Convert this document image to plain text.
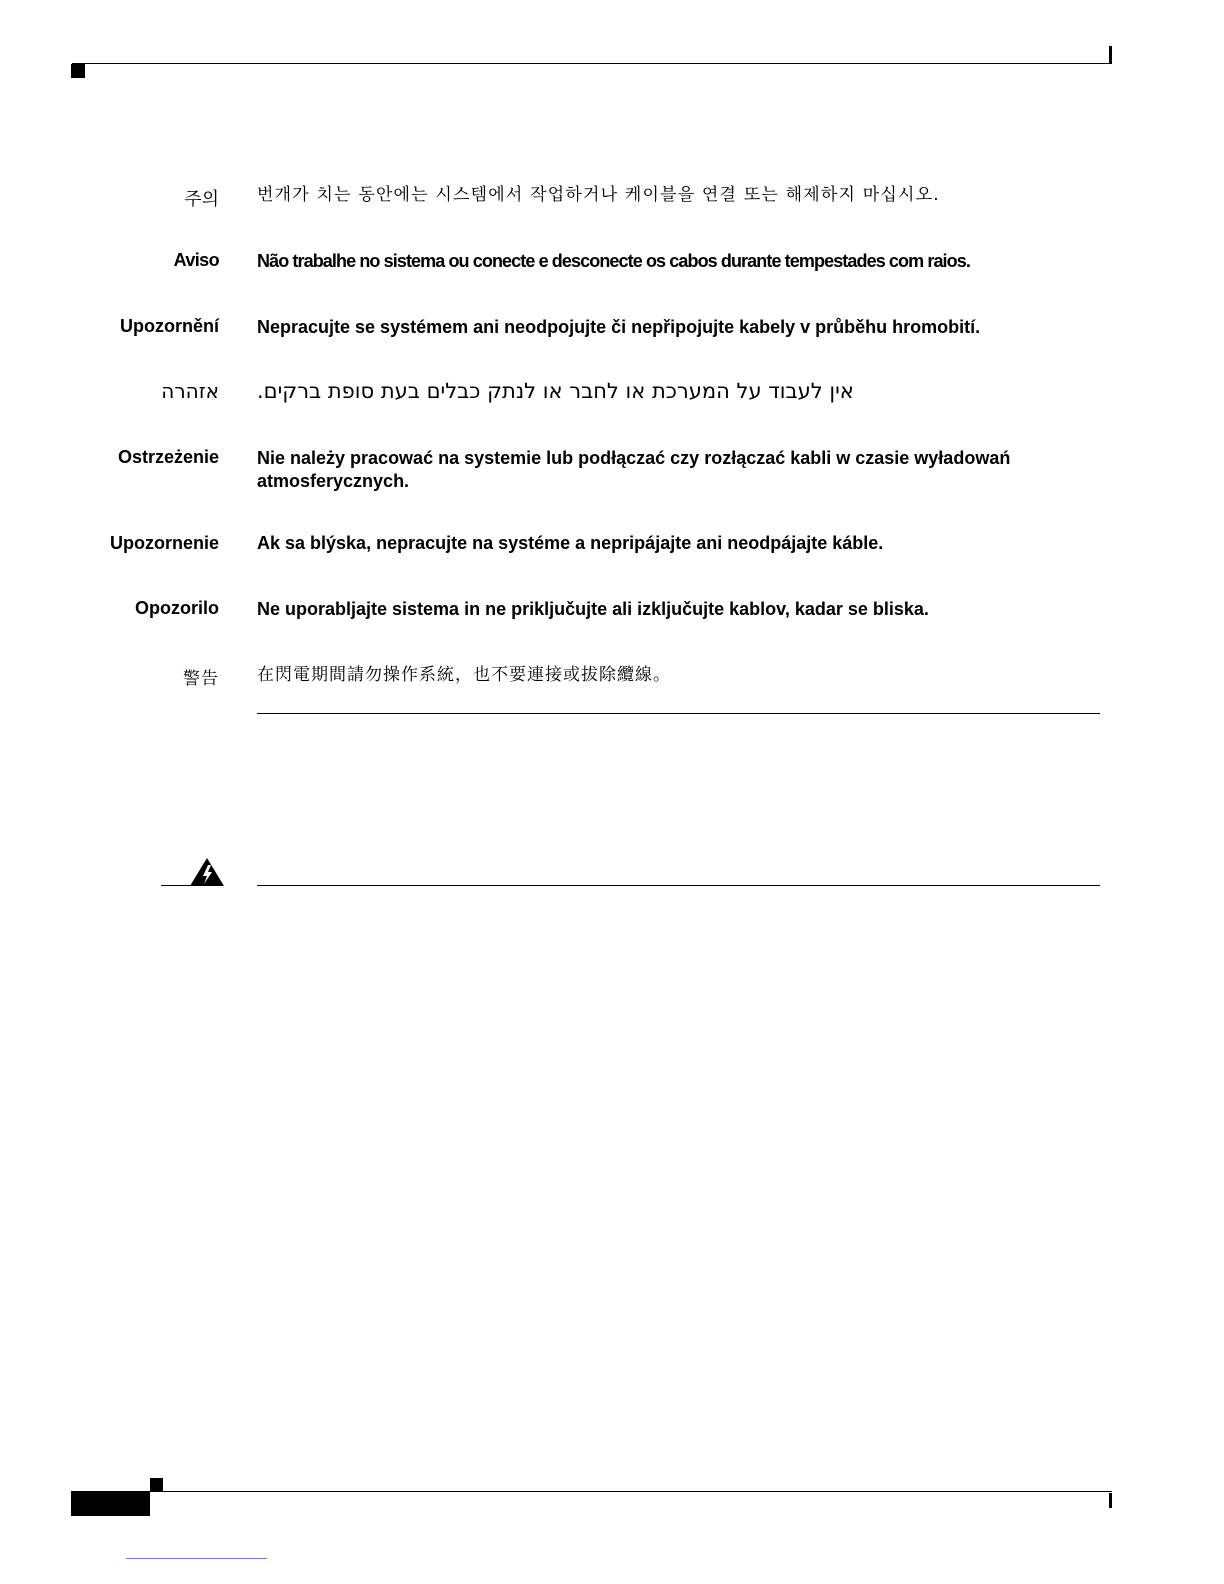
주의 번개가 치는 동안에는 시스템에서 작업하거나 케이블을 연결 또는 해제하지 마십시오.
Aviso Não trabalhe no sistema ou conecte e desconecte os cabos durante tempestades com raios.
Upozornění Nepracujte se systémem ani neodpojujte či nepřipojujte kabely v průběhu hromobití.
אזהרה אין לעבוד על המערכת או לחבר או לנתק כבלים בעת סופת ברקים.
Ostrzeżenie Nie należy pracować na systemie lub podłączać czy rozłączać kabli w czasie wyładowań atmosferycznych.
Upozornenie Ak sa blýska, nepracujte na systéme a nepripájajte ani neodpájajte káble.
Opozorilo Ne uporabljajte sistema in ne priključujte ali izključujte kablov, kadar se bliska.
警告 在閃電期間請勿操作系統，也不要連接或拔除纜線。
